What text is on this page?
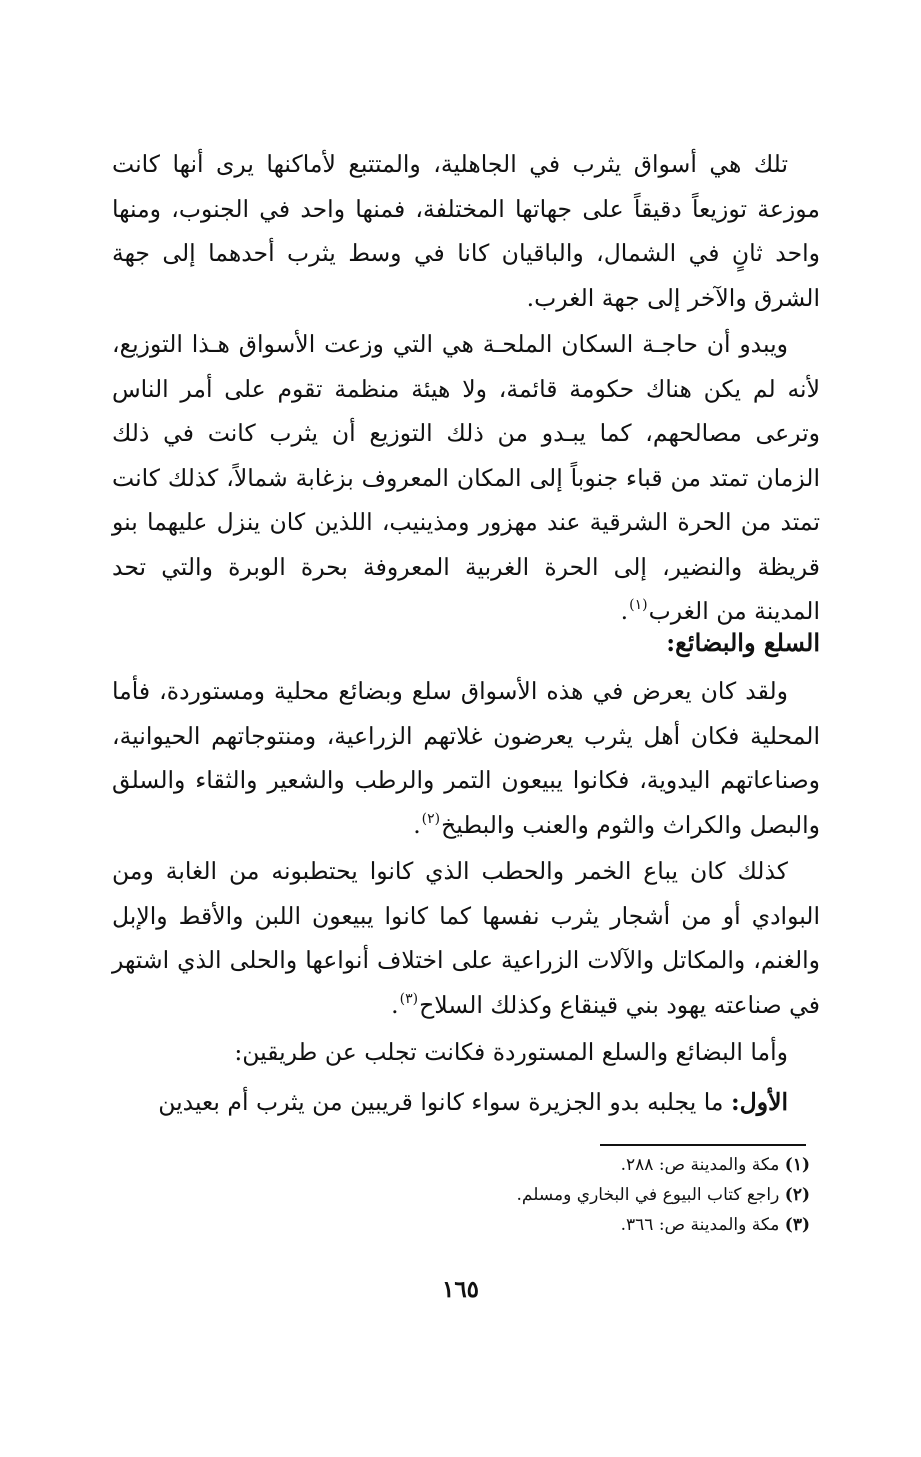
تلك هي أسواق يثرب في الجاهلية، والمتتبع لأماكنها يرى أنها كانت موزعة توزيعاً دقيقاً على جهاتها المختلفة، فمنها واحد في الجنوب، ومنها واحد ثانٍ في الشمال، والباقيان كانا في وسط يثرب أحدهما إلى جهة الشرق والآخر إلى جهة الغرب.

ويبدو أن حاجـة السكان الملحـة هي التي وزعت الأسواق هـذا التوزيع، لأنه لم يكن هناك حكومة قائمة، ولا هيئة منظمة تقوم على أمر الناس وترعى مصالحهم، كما يبـدو من ذلك التوزيع أن يثرب كانت في ذلك الزمان تمتد من قباء جنوباً إلى المكان المعروف بزغابة شمالاً، كذلك كانت تمتد من الحرة الشرقية عند مهزور ومذينيب، اللذين كان ينزل عليهما بنو قريظة والنضير، إلى الحرة الغربية المعروفة بحرة الوبرة والتي تحد المدينة من الغرب$^{(١)}$.

السلع والبضائع:

ولقد كان يعرض في هذه الأسواق سلع وبضائع محلية ومستوردة، فأما المحلية فكان أهل يثرب يعرضون غلاتهم الزراعية، ومنتوجاتهم الحيوانية، وصناعاتهم اليدوية، فكانوا يبيعون التمر والرطب والشعير والثقاء والسلق والبصل والكراث والثوم والعنب والبطيخ$^{(٢)}$.

كذلك كان يباع الخمر والحطب الذي كانوا يحتطبونه من الغابة ومن البوادي أو من أشجار يثرب نفسها كما كانوا يبيعون اللبن والأقط والإبل والغنم، والمكاتل والآلات الزراعية على اختلاف أنواعها والحلى الذي اشتهر في صناعته يهود بني قينقاع وكذلك السلاح$^{(٣)}$.

وأما البضائع والسلع المستوردة فكانت تجلب عن طريقين:

الأول: ما يجلبه بدو الجزيرة سواء كانوا قريبين من يثرب أم بعيدين

(١) مكة والمدينة ص: ٢٨٨.

(٢) راجع كتاب البيوع في البخاري ومسلم.

(٣) مكة والمدينة ص: ٣٦٦.

١٦٥
